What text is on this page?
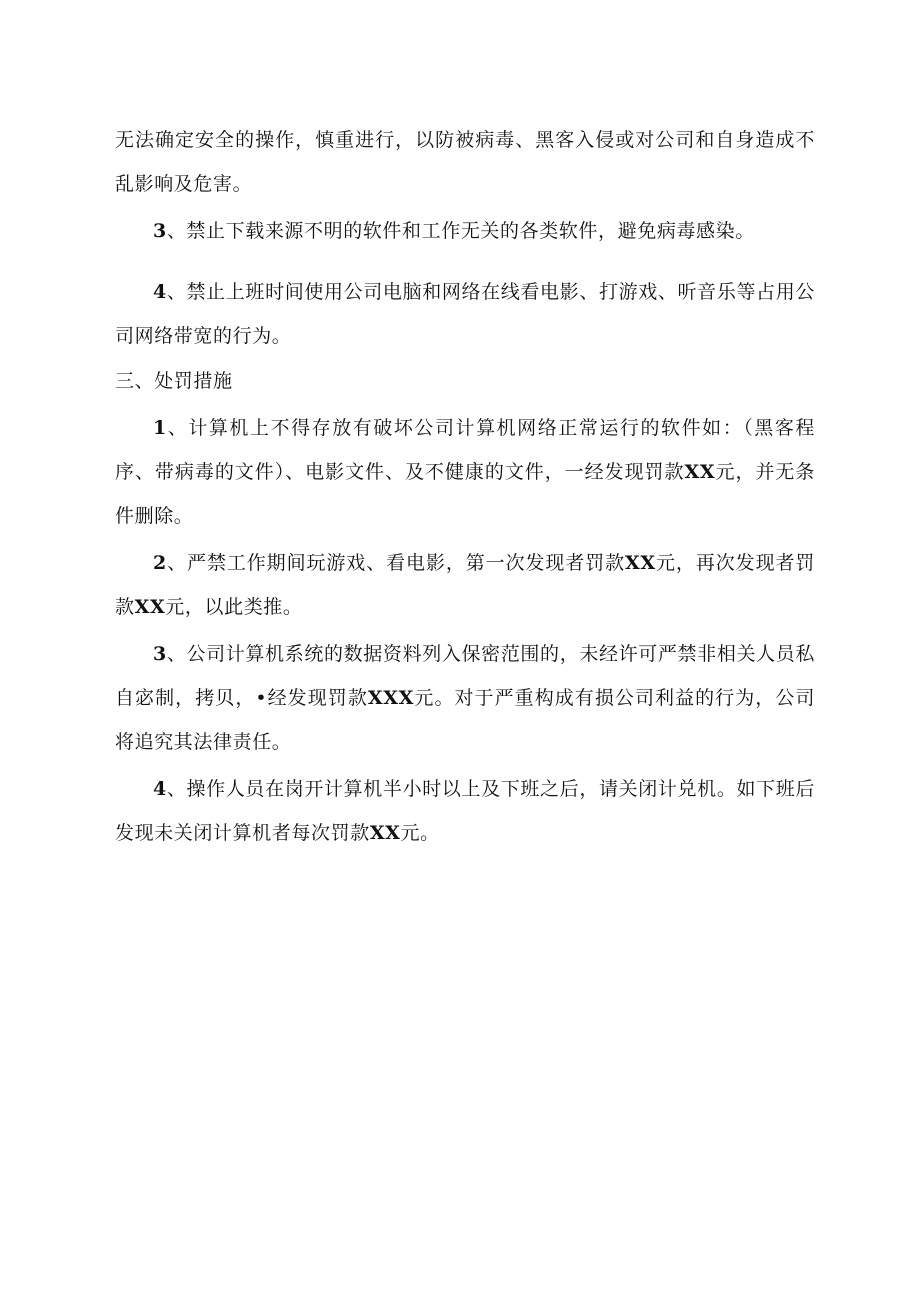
无法确定安全的操作，慎重进行，以防被病毒、黑客入侵或对公司和自身造成不乱影响及危害。

3、禁止下载来源不明的软件和工作无关的各类软件，避免病毒感染。

4、禁止上班时间使用公司电脑和网络在线看电影、打游戏、听音乐等占用公司网络带宽的行为。

三、处罚措施

1、计算机上不得存放有破坏公司计算机网络正常运行的软件如：（黑客程序、带病毒的文件）、电影文件、及不健康的文件，一经发现罚款XX元，并无条件删除。

2、严禁工作期间玩游戏、看电影，第一次发现者罚款XX元，再次发现者罚款XX元，以此类推。

3、公司计算机系统的数据资料列入保密范围的，未经许可严禁非相关人员私自宓制，拷贝，•经发现罚款XXX元。对于严重构成有损公司利益的行为，公司将追究其法律责任。

4、操作人员在岗开计算机半小时以上及下班之后，请关闭计兑机。如下班后发现未关闭计算机者每次罚款XX元。
